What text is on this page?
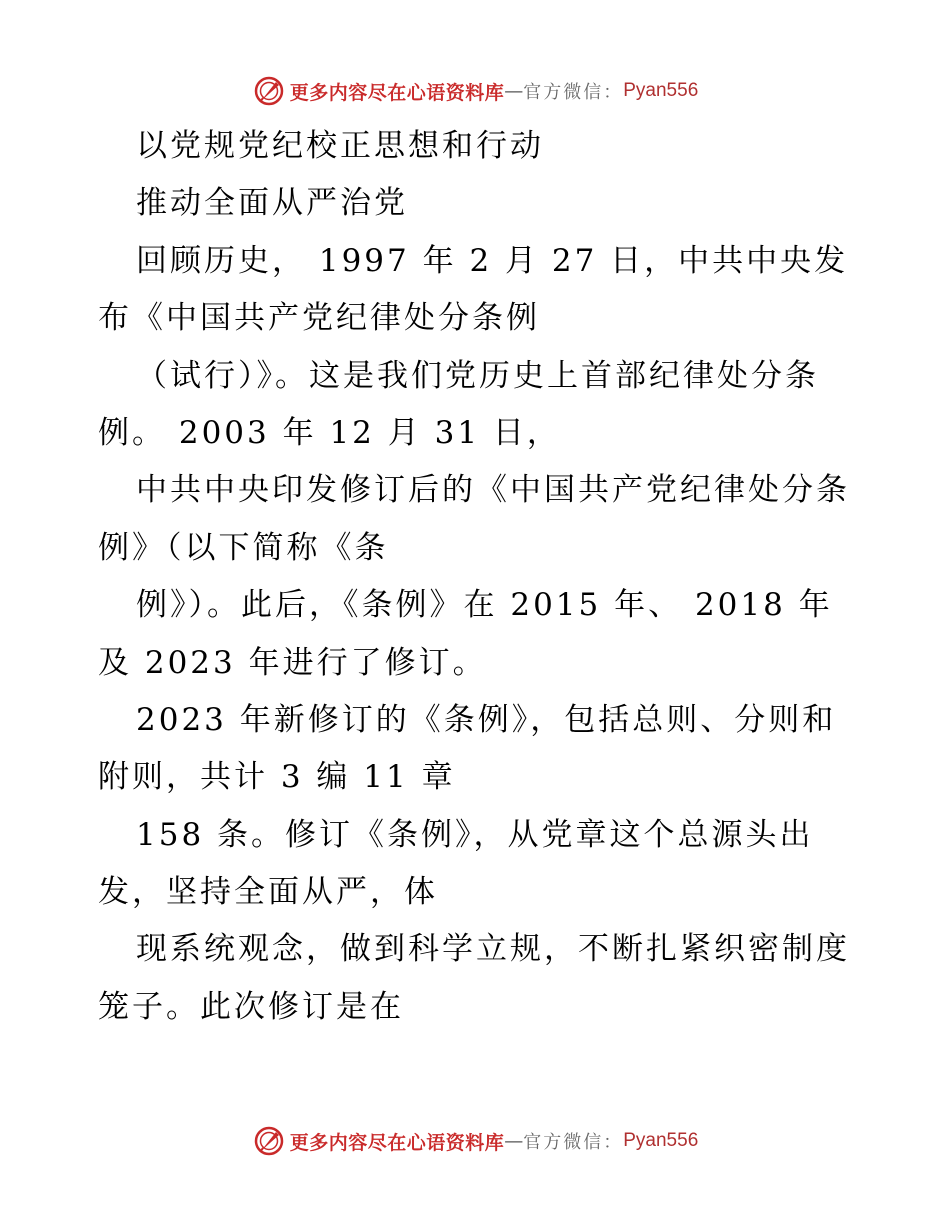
更多内容尽在心语资料库 — 官方微信： Pyan556
以党规党纪校正思想和行动
推动全面从严治党
回顾历史， 1997 年 2 月 27 日，中共中央发
布《中国共产党纪律处分条例
（试行）》。这是我们党历史上首部纪律处分条
例。 2003 年 12 月 31 日，
中共中央印发修订后的《中国共产党纪律处分条
例》（以下简称《条
例》）。此后，《条例》在 2015 年、 2018 年
及 2023 年进行了修订。
2023 年新修订的《条例》，包括总则、分则和
附则，共计 3 编 11 章
158 条。修订《条例》，从党章这个总源头出
发，坚持全面从严，体
现系统观念，做到科学立规，不断扎紧织密制度
笼子。此次修订是在
更多内容尽在心语资料库 — 官方微信： Pyan556
